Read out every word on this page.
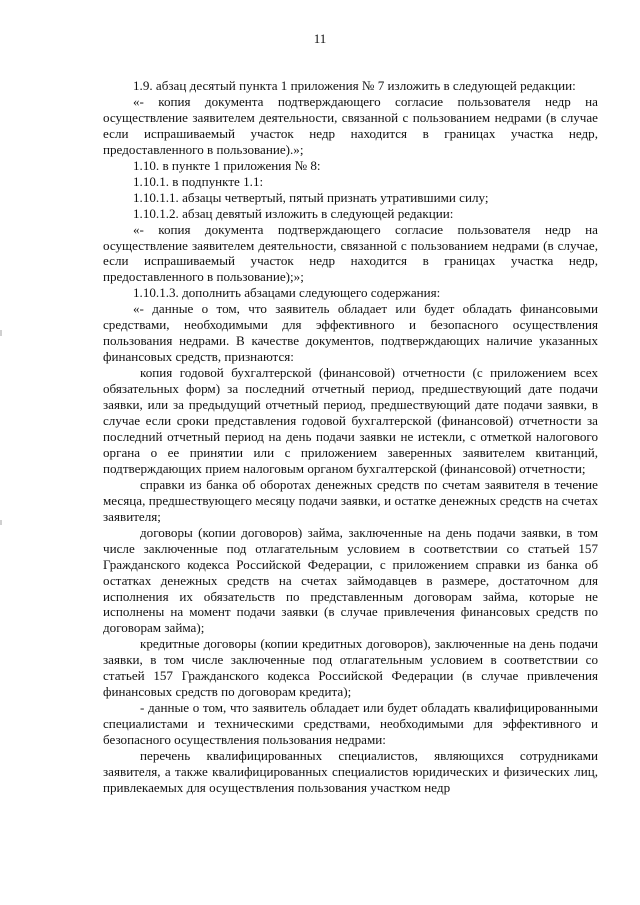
11

1.9. абзац десятый пункта 1 приложения № 7 изложить в следующей редакции:

«- копия документа подтверждающего согласие пользователя недр на осуществление заявителем деятельности, связанной с пользованием недрами (в случае если испрашиваемый участок недр находится в границах участка недр, предоставленного в пользование).»;

1.10. в пункте 1 приложения № 8:

1.10.1. в подпункте 1.1:

1.10.1.1. абзацы четвертый, пятый признать утратившими силу;

1.10.1.2. абзац девятый изложить в следующей редакции:

«- копия документа подтверждающего согласие пользователя недр на осуществление заявителем деятельности, связанной с пользованием недрами (в случае, если испрашиваемый участок недр находится в границах участка недр, предоставленного в пользование);»;

1.10.1.3. дополнить абзацами следующего содержания:

«- данные о том, что заявитель обладает или будет обладать финансовыми средствами, необходимыми для эффективного и безопасного осуществления пользования недрами. В качестве документов, подтверждающих наличие указанных финансовых средств, признаются:

копия годовой бухгалтерской (финансовой) отчетности (с приложением всех обязательных форм) за последний отчетный период, предшествующий дате подачи заявки, или за предыдущий отчетный период, предшествующий дате подачи заявки, в случае если сроки представления годовой бухгалтерской (финансовой) отчетности за последний отчетный период на день подачи заявки не истекли, с отметкой налогового органа о ее принятии или с приложением заверенных заявителем квитанций, подтверждающих прием налоговым органом бухгалтерской (финансовой) отчетности;

справки из банка об оборотах денежных средств по счетам заявителя в течение месяца, предшествующего месяцу подачи заявки, и остатке денежных средств на счетах заявителя;

договоры (копии договоров) займа, заключенные на день подачи заявки, в том числе заключенные под отлагательным условием в соответствии со статьей 157 Гражданского кодекса Российской Федерации, с приложением справки из банка об остатках денежных средств на счетах займодавцев в размере, достаточном для исполнения их обязательств по представленным договорам займа, которые не исполнены на момент подачи заявки (в случае привлечения финансовых средств по договорам займа);

кредитные договоры (копии кредитных договоров), заключенные на день подачи заявки, в том числе заключенные под отлагательным условием в соответствии со статьей 157 Гражданского кодекса Российской Федерации (в случае привлечения финансовых средств по договорам кредита);

- данные о том, что заявитель обладает или будет обладать квалифицированными специалистами и техническими средствами, необходимыми для эффективного и безопасного осуществления пользования недрами:

перечень квалифицированных специалистов, являющихся сотрудниками заявителя, а также квалифицированных специалистов юридических и физических лиц, привлекаемых для осуществления пользования участком недр
